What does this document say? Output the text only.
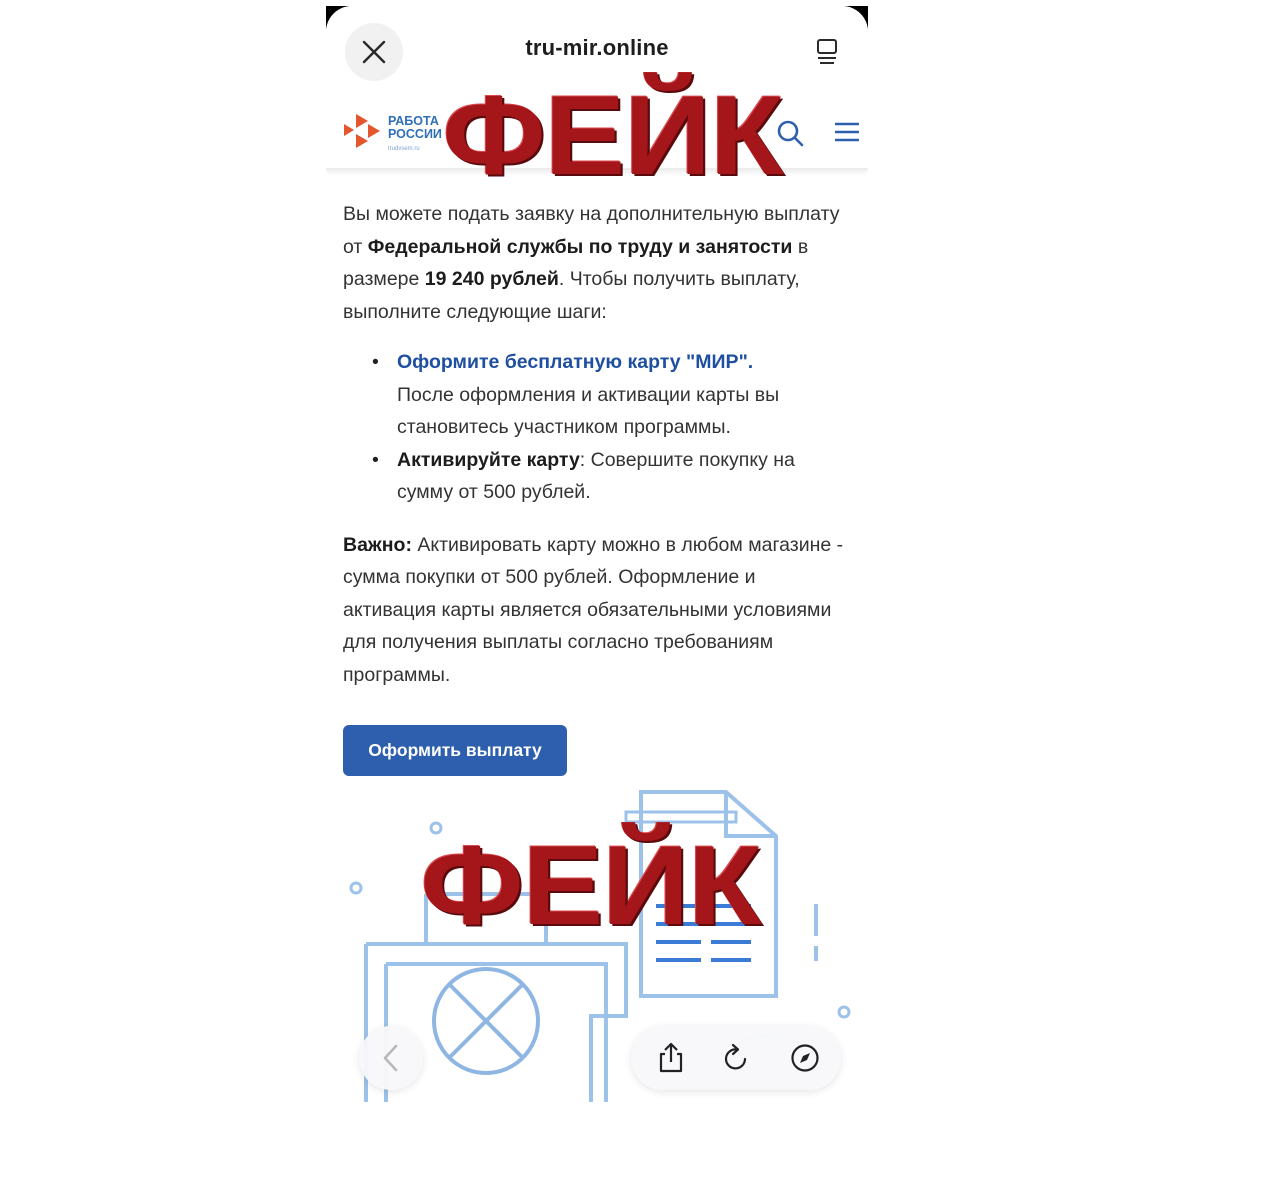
tru-mir.online
РАБОТА
РОССИИ
trudvsem.ru

Вы можете подать заявку на дополнительную выплату от Федеральной службы по труду и занятости в размере 19 240 рублей. Чтобы получить выплату, выполните следующие шаги:

• Оформите бесплатную карту "МИР".
После оформления и активации карты вы становитесь участником программы.
• Активируйте карту: Совершите покупку на сумму от 500 рублей.

Важно: Активировать карту можно в любом магазине - сумма покупки от 500 рублей. Оформление и активация карты является обязательными условиями для получения выплаты согласно требованиям программы.

Оформить выплату
ФЕЙК
ФЕЙК
